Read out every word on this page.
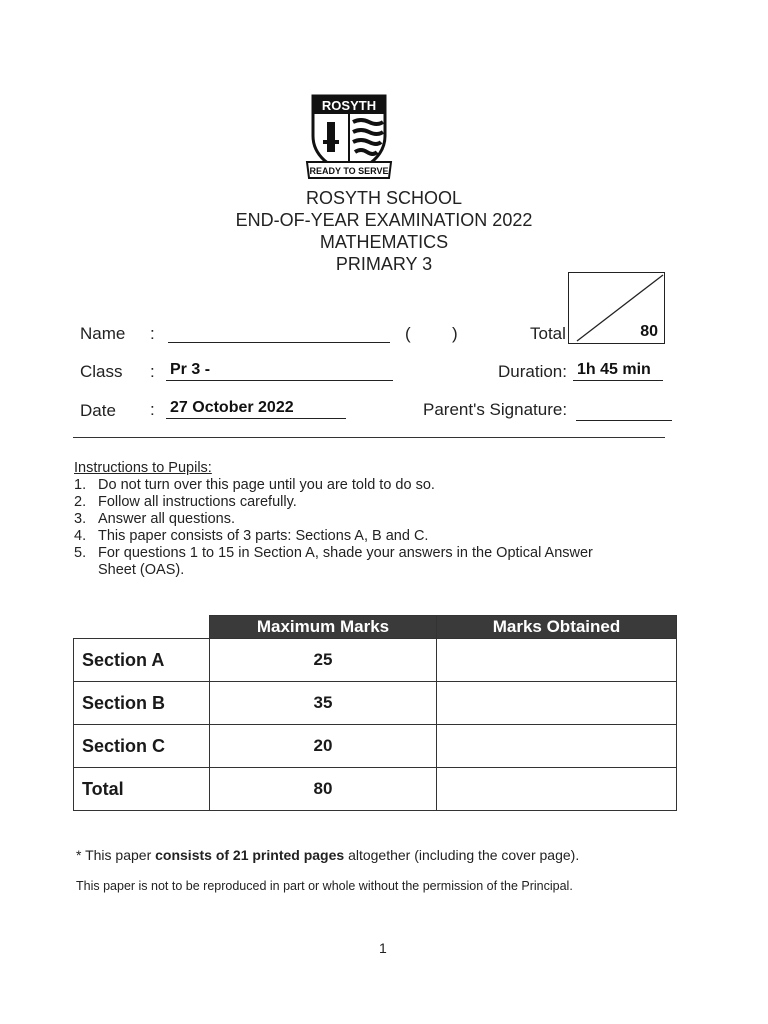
ROSYTH
READY TO SERVE
ROSYTH SCHOOL
END-OF-YEAR EXAMINATION 2022
MATHEMATICS
PRIMARY 3
80
Total
Name :	( )
Class : Pr 3 -	Duration: 1h 45 min
Date : 27 October 2022	Parent's Signature:
Instructions to Pupils:
1. Do not turn over this page until you are told to do so.
2. Follow all instructions carefully.
3. Answer all questions.
4. This paper consists of 3 parts: Sections A, B and C.
5. For questions 1 to 15 in Section A, shade your answers in the Optical Answer
Sheet (OAS).
	Maximum Marks	Marks Obtained
Section A	25	
Section B	35	
Section C	20	
Total	80	
* This paper consists of 21 printed pages altogether (including the cover page).
This paper is not to be reproduced in part or whole without the permission of the Principal.
1
